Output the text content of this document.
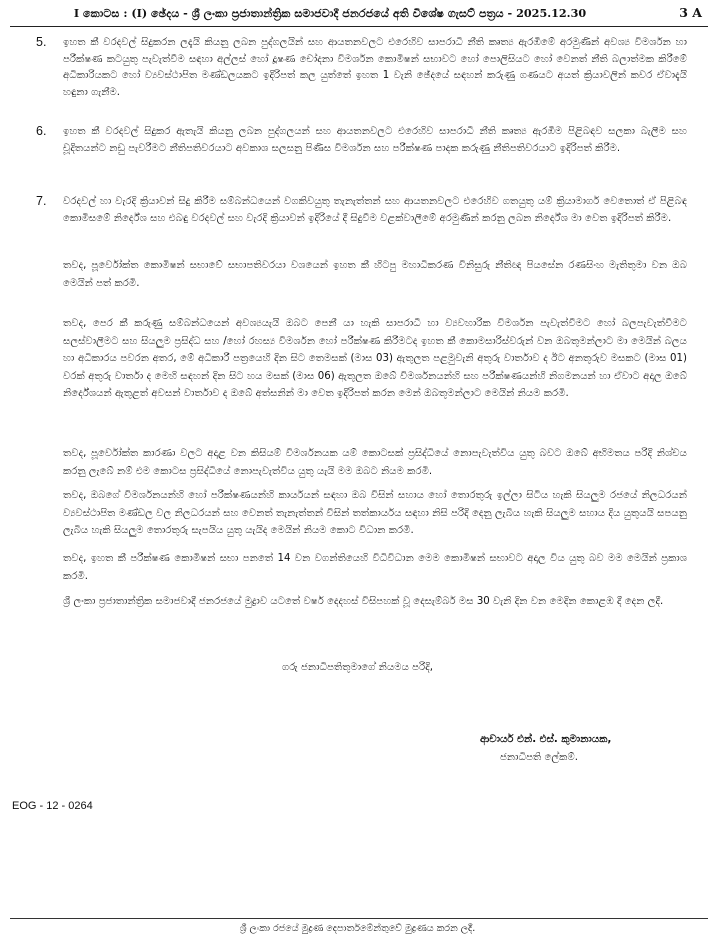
I කොටස : (I) ඡේදය - ශ්‍රී ලංකා ප්‍රජාතාන්ත්‍රික සමාජවාදී ජනරජයේ අති විශේෂ ගැසට් පත්‍රය - 2025.12.30	3 A
5. ඉහත කී වරදවල් සිදුකරන ලදැයි කියනු ලබන පුද්ගලයින් සහ ආයතනවලට එරෙහිව සාපරාධී නීති කෘත්‍ය ඇරඹීමේ අරමුණින් අවශ්‍ය විමර්ශන හා පරීක්ෂණ කටයුතු පැවැත්වීම සඳහා අල්ලස් හෝ දූෂණ චෝදනා විමර්ශන කොමිෂන් සභාවට හෝ පොලිසියට හෝ වෙනත් නීති බලාත්මක කිරීමේ අධිකාරියකට හෝ ව්‍යවස්ථාපිත මණ්ඩලයකට ඉදිරිපත් කල යුත්තේ ඉහත 1 වැනි ඡේදයේ සඳහන් කරුණු ගණයට අයත් ක්‍රියාවලින් කවර ඒවාදැයි හඳුනා ගැනීම.
6. ඉහත කී වරදවල් සිදුකර ඇතැයි කියනු ලබන පුද්ගලයන් සහ ආයතනවලට එරෙහිව සාපරාධී නීති කෘත්‍ය ඇරඹීම පිළිබඳව සලකා බැලීම සහ චූදිතයන්ට නඩු පැවරීමට නීතිපතිවරයාට අවකාශ සලසනු පිණිස විමර්ශන සහ පරීක්ෂණ පාදක කරුණු නීතිපතිවරයාට ඉදිරිපත් කිරීම.
7. වරදවල් හා වැරදි ක්‍රියාවන් සිදු කිරීම සම්බන්ධයෙන් වගකිවයුතු තැනැත්තන් සහ ආයතනවලට එරෙහිව ගතයුතු යම් ක්‍රියාමාර්ග වෙතොත් ඒ පිළිබඳ කොමිසමේ නිර්දේශ සහ එබඳු වරදවල් සහ වැරදි ක්‍රියාවන් ඉදිරියේ දී සිදුවීම වළක්වාලීමේ අරමුණින් කරනු ලබන නිර්දේශ මා වෙත ඉදිරිපත් කිරීම.

තවද, පූර්වෝක්ත කොමිෂන් සභාවේ සභාපතිවරයා වශයෙන් ඉහත කී හිටපු මහාධිකරණ විනිසුරු නීතිඥ පියසේන රණසිංහ මැතිතුමා වන ඔබ මෙයින් පත් කරමි.

තවද, පෙර කී කරුණු සම්බන්ධයෙන් අවශ්‍යයැයි ඔබට පෙනී යා හැකි සාපරාධී හා ව්‍යවහාරික විමර්ශන පැවැත්වීමට හෝ බලපැවැත්වීමට සලස්වාලීමට සහ සියලුම ප්‍රසිද්ධ සහ /හෝ රහස්‍ය විමර්ශන හෝ පරීක්ෂණ කිරීමටද ඉහත කී කොමසාරිස්වරුන් වන ඔබතුමන්ලාට මා මෙයින් බලය හා අධිකාරය පවරන අතර, මේ අධිකාරී පත්‍රයෙහි දින සිට තෙමසක් (මාස 03) ඇතුලත පළමුවැනි අතුරු වාර්තාව ද ඊට අනතුරුව මසකට (මාස 01) වරක් අතුරු වාර්තා ද මෙහි සඳහන් දින සිට හය මසක් (මාස 06) ඇතුලත ඔබේ විමර්ශනයන්හි සහ පරීක්ෂණයන්හි නිගමනයන් හා ඒවාට අදාල ඔබේ නිර්දේශයන් ඇතුළත් අවසන් වාර්තාව ද ඔබේ අත්සනින් මා වෙත ඉදිරිපත් කරන මෙන් ඔබතුමන්ලාට මෙයින් නියම කරමි.

තවද, පූර්වෝක්ත කාරණා වලට අදාළ වන කිසියම් විමර්ශනයක යම් කොටසක් ප්‍රසිද්ධියේ නොපැවැත්විය යුතු බවට ඔබේ අභිමතය පරිදි නිශ්චය කරනු ලැබේ නම් එම කොටස ප්‍රසිද්ධියේ නොපැවැත්විය යුතු යැයි මම ඔබට නියම කරමි.

තවද, ඔබගේ විමර්ශනයන්හි හෝ පරීක්ෂණයන්හි කාර්යයන් සඳහා ඔබ විසින් සහාය හෝ තොරතුරු ඉල්ලා සිටිය හැකි සියලුම රජයේ නිලධරයන් ව්‍යවස්ථාපිත මණ්ඩල වල නිලධරයන් සහ වෙනත් තැනැත්තන් විසින් තත්කාර්යය සඳහා නිසි පරිදි දෙනු ලැබිය හැකි සියලුම සහාය දිය යුතුයයි සපයනු ලැබිය හැකි සියලුම තොරතුරු සැපයිය යුතු යැයිද මෙයින් නියම කොට විධාන කරමි.

තවද, ඉහත කී පරීක්ෂණ කොමිෂන් සභා පනතේ 14 වන වගන්තියෙහි විධිවිධාන මෙම කොමිෂන් සභාවට අදාල විය යුතු බව මම මෙයින් ප්‍රකාශ කරමි.

ශ්‍රී ලංකා ප්‍රජාතාන්ත්‍රික සමාජවාදී ජනරජයේ මුද්‍රාව යටතේ වර්ෂ දෙදහස් විසිපහක් වූ දෙසැම්බර් මස 30 වැනි දින වන මෙදින කොළඹ දී දෙන ලදී.

ගරු ජනාධිපතිතුමාගේ නියමය පරිදි,
ආචාර්ය එන්. එස්. කුමානායක,
ජනාධිපති ලේකම්.
EOG - 12 - 0264
ශ්‍රී ලංකා රජයේ මුද්‍රණ දෙපාර්තමේන්තුවේ මුද්‍රණය කරන ලදී.
